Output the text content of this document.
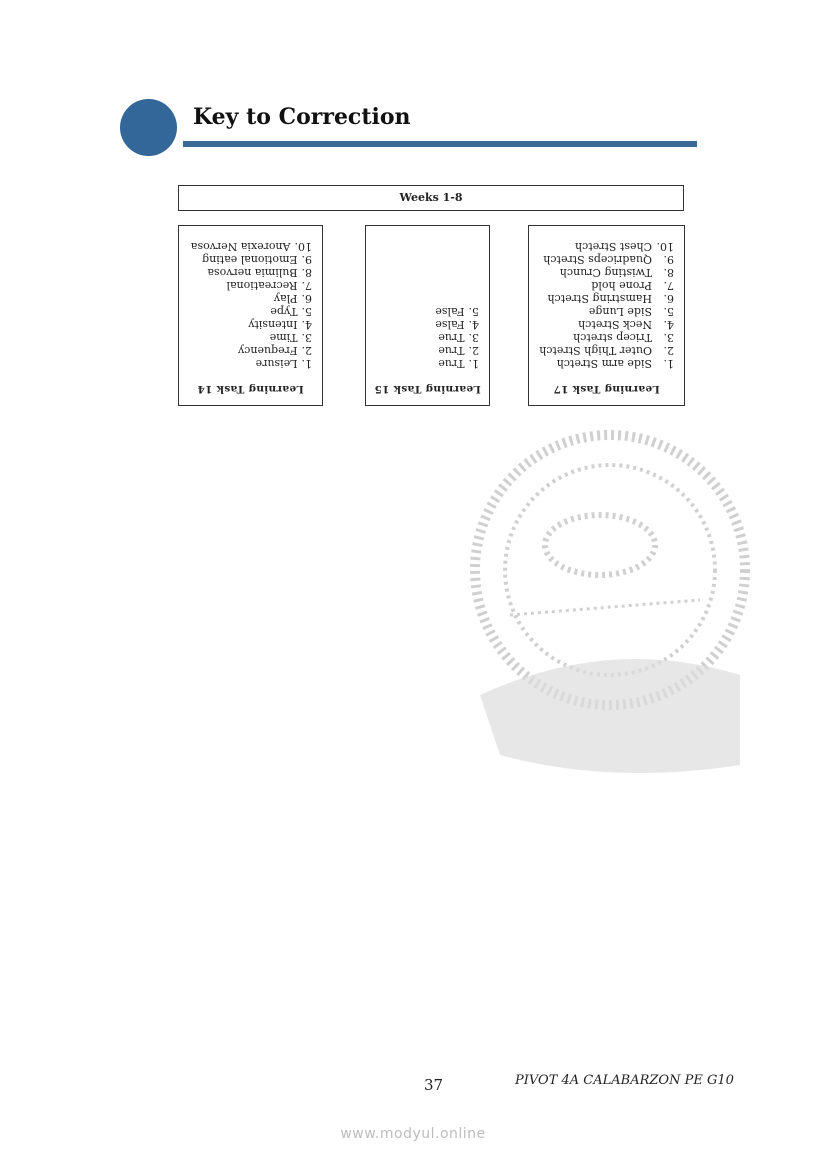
Key to Correction
Weeks 1-8
Learning Task 14
1.Leisure
2.Frequency
3.Time
4.Intensity
5.Type
6.Play
7.Recreational
8.Bulimia nervosa
9.Emotional eating
10.Anorexia Nervosa
Learning Task 15
1.True
2.True
3.True
4.False
5.False
Learning Task 17
1.Side arm Stretch
2.Outer Thigh Stretch
3.Tricep stretch
4.Neck Stretch
5.Side Lunge
6.Hamstring Stretch
7.Prone hold
8.Twisting Crunch
9.Quadriceps Stretch
10.Chest Stretch
37	PIVOT 4A CALABARZON PE G10
www.modyul.online
